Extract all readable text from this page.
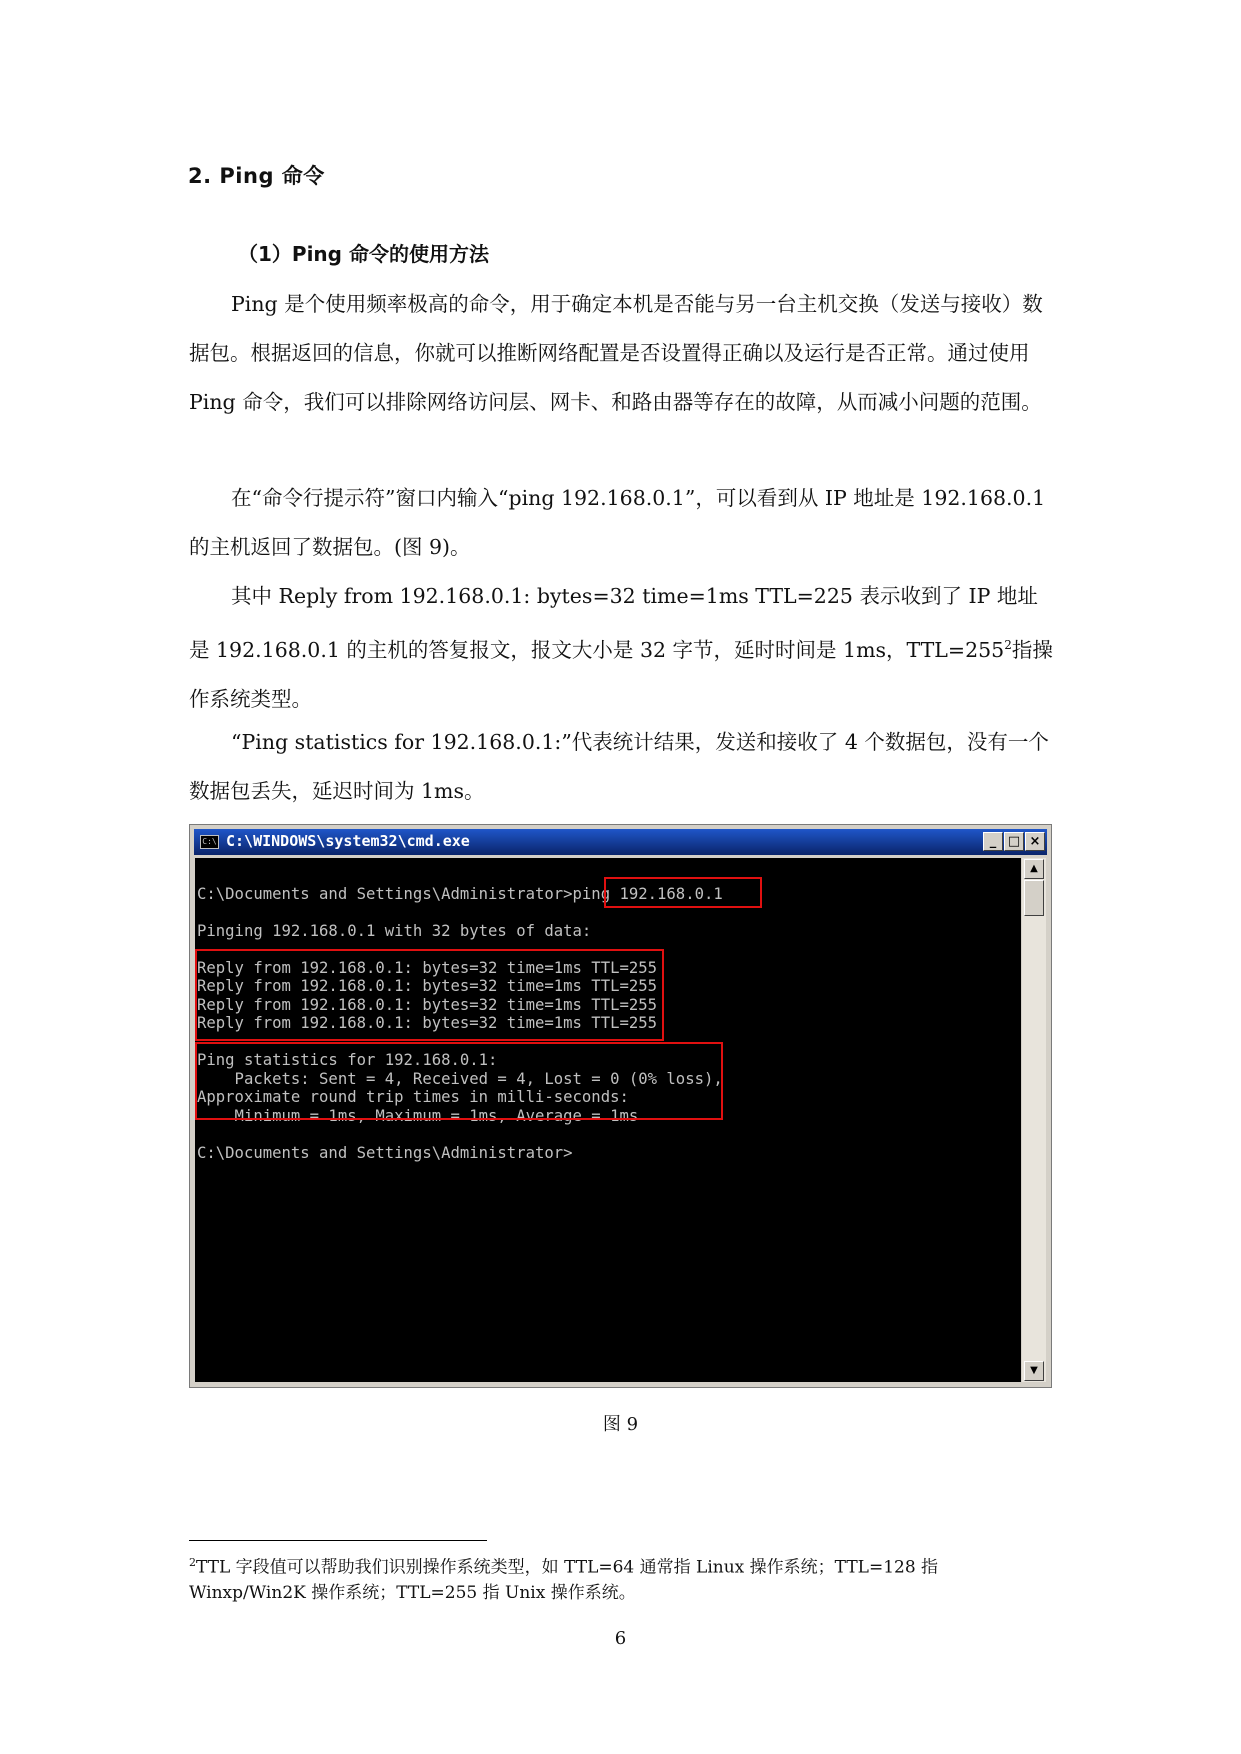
2. Ping 命令
（1）Ping 命令的使用方法

Ping 是个使用频率极高的命令，用于确定本机是否能与另一台主机交换（发送与接收）数据包。根据返回的信息，你就可以推断网络配置是否设置得正确以及运行是否正常。通过使用 Ping 命令，我们可以排除网络访问层、网卡、和路由器等存在的故障，从而减小问题的范围。

在“命令行提示符”窗口内输入“ping 192.168.0.1”，可以看到从 IP 地址是 192.168.0.1 的主机返回了数据包。(图 9)。

其中 Reply from 192.168.0.1: bytes=32 time=1ms TTL=225 表示收到了 IP 地址是 192.168.0.1 的主机的答复报文，报文大小是 32 字节，延时时间是 1ms，TTL=255$^2$指操作系统类型。

“Ping statistics for 192.168.0.1:”代表统计结果，发送和接收了 4 个数据包，没有一个数据包丢失，延迟时间为 1ms。

C:\ C:\WINDOWS\system32\cmd.exe	_ □ ×
C:\Documents and Settings\Administrator>ping 192.168.0.1
Pinging 192.168.0.1 with 32 bytes of data:
Reply from 192.168.0.1: bytes=32 time=1ms TTL=255
Reply from 192.168.0.1: bytes=32 time=1ms TTL=255
Reply from 192.168.0.1: bytes=32 time=1ms TTL=255
Reply from 192.168.0.1: bytes=32 time=1ms TTL=255
Ping statistics for 192.168.0.1:
Packets: Sent = 4, Received = 4, Lost = 0 (0% loss),
Approximate round trip times in milli-seconds:
Minimum = 1ms, Maximum = 1ms, Average = 1ms
C:\Documents and Settings\Administrator>
▲
▼
图 9

$^2$TTL 字段值可以帮助我们识别操作系统类型，如 TTL=64 通常指 Linux 操作系统；TTL=128 指 Winxp/Win2K 操作系统；TTL=255 指 Unix 操作系统。

6
